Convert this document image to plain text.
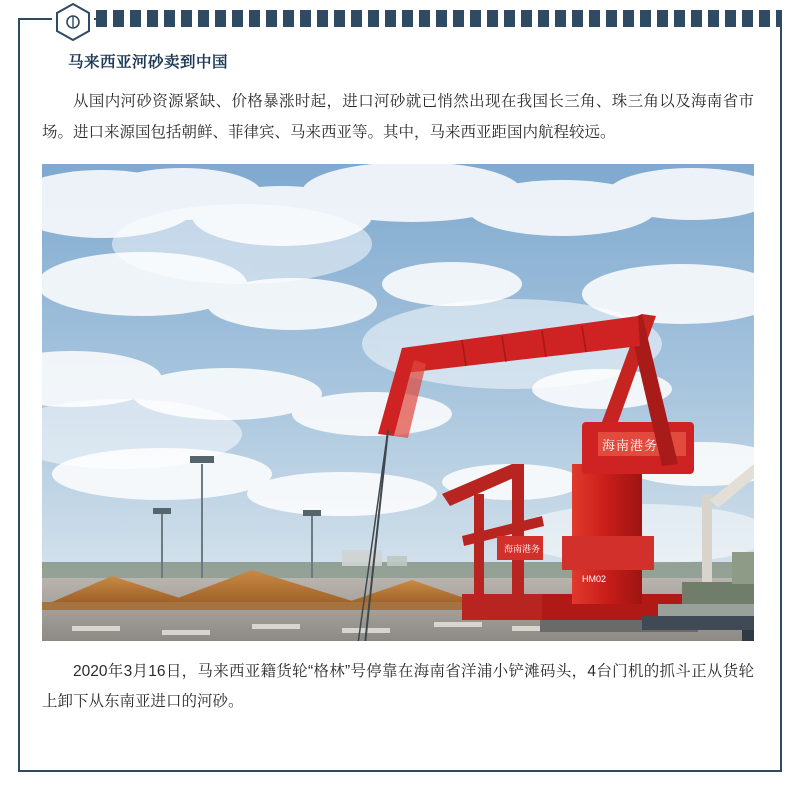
马来西亚河砂卖到中国

从国内河砂资源紧缺、价格暴涨时起，进口河砂就已悄然出现在我国长三角、珠三角以及海南省市场。进口来源国包括朝鲜、菲律宾、马来西亚等。其中，马来西亚距国内航程较远。

海南港务
海南港务
HM02

2020年3月16日，马来西亚籍货轮“格林”号停靠在海南省洋浦小铲滩码头，4台门机的抓斗正从货轮上卸下从东南亚进口的河砂。
